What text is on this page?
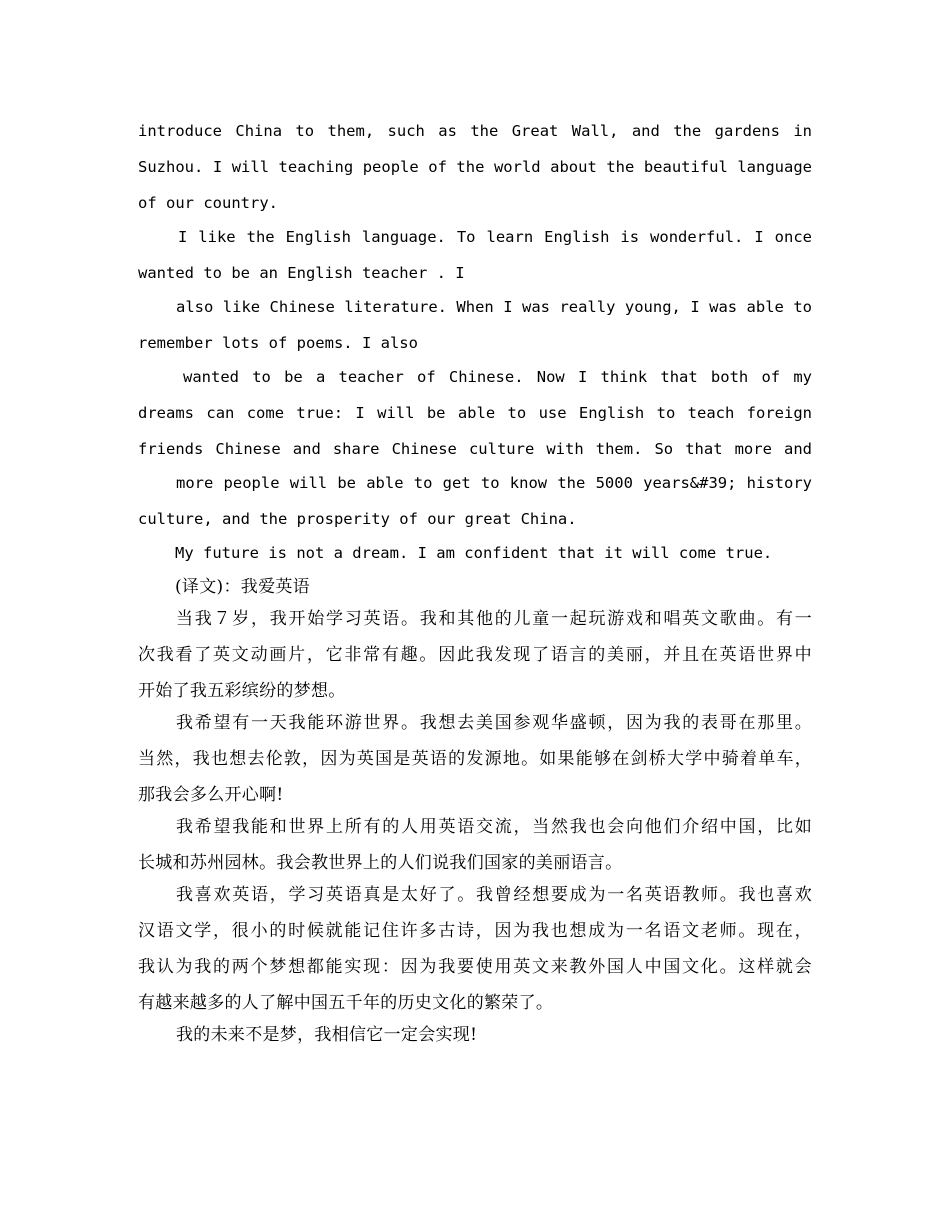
introduce China to them, such as the Great Wall, and the gardens in
Suzhou. I will teaching people of the world about the beautiful language
of our country.
I like the English language. To learn English is wonderful. I once
wanted to be an English teacher . I
also like Chinese literature. When I was really young, I was able to
remember lots of poems. I also
wanted to be a teacher of Chinese. Now I think that both of my
dreams can come true: I will be able to use English to teach foreign
friends Chinese and share Chinese culture with them. So that more and
more people will be able to get to know the 5000 years&#39; history
culture, and the prosperity of our great China.
My future is not a dream. I am confident that it will come true.
(译文)：我爱英语
当我７岁，我开始学习英语。我和其他的儿童一起玩游戏和唱英文歌曲。有一
次我看了英文动画片，它非常有趣。因此我发现了语言的美丽，并且在英语世界中
开始了我五彩缤纷的梦想。
我希望有一天我能环游世界。我想去美国参观华盛顿，因为我的表哥在那里。
当然，我也想去伦敦，因为英国是英语的发源地。如果能够在剑桥大学中骑着单车，
那我会多么开心啊!
我希望我能和世界上所有的人用英语交流，当然我也会向他们介绍中国，比如
长城和苏州园林。我会教世界上的人们说我们国家的美丽语言。
我喜欢英语，学习英语真是太好了。我曾经想要成为一名英语教师。我也喜欢
汉语文学，很小的时候就能记住许多古诗，因为我也想成为一名语文老师。现在，
我认为我的两个梦想都能实现：因为我要使用英文来教外国人中国文化。这样就会
有越来越多的人了解中国五千年的历史文化的繁荣了。
我的未来不是梦，我相信它一定会实现!
